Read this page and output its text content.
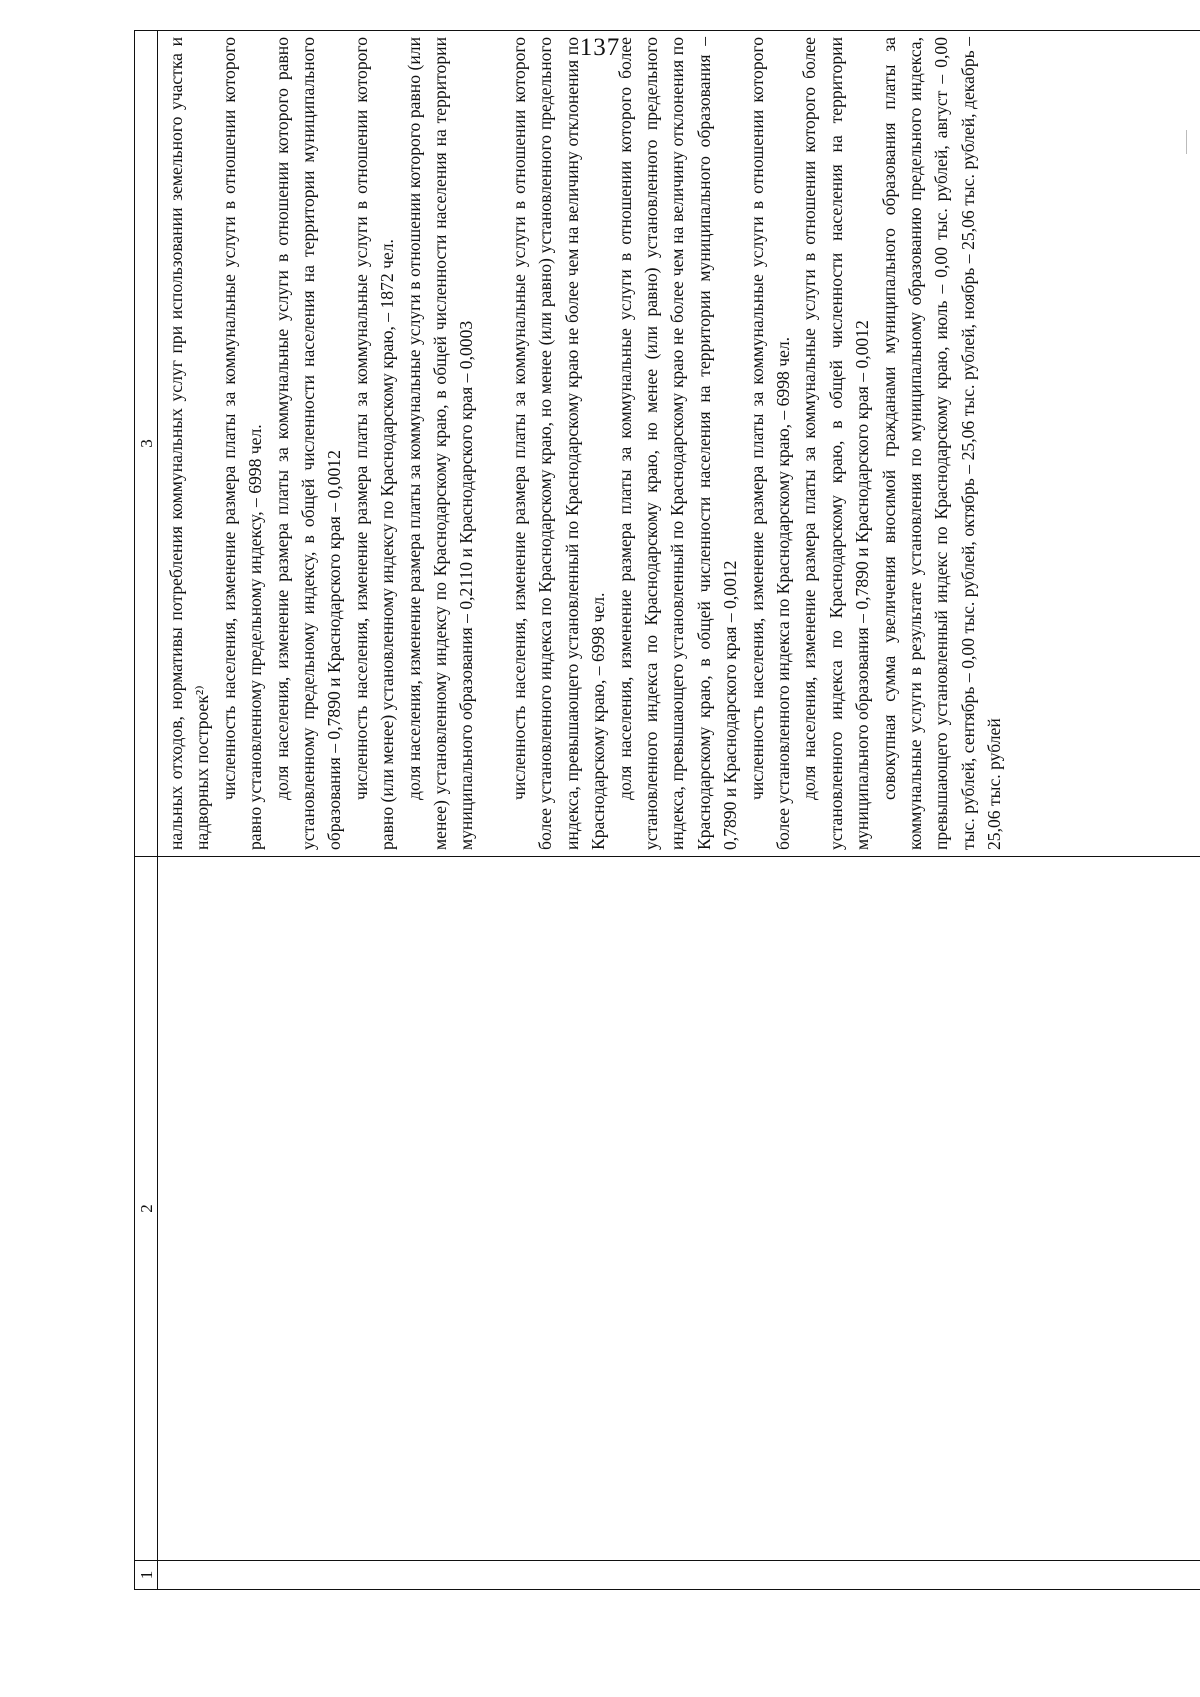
137
1
2
3 нальных отходов, нормативы потребления коммунальных услуг при использовании земельного участка и надворных построек²⁾ численность населения, изменение размера платы за коммунальные услуги в отношении которого равно установленному предельному индексу, – 6998 чел. доля населения, изменение размера платы за коммунальные услуги в отношении которого равно установленному предельному индексу, в общей численности населения на территории муниципального образования – 0,7890 и Краснодарского края – 0,0012 численность населения, изменение размера платы за коммунальные услуги в отношении которого равно (или менее) установленному индексу по Краснодарскому краю, – 1872 чел. доля населения, изменение размера платы за коммунальные услуги в отношении которого равно (или менее) установленному индексу по Краснодарскому краю, в общей численности населения на территории муниципального образования – 0,2110 и Краснодарского края – 0,0003 численность населения, изменение размера платы за коммунальные услуги в отношении которого более установленного индекса по Краснодарскому краю, но менее (или равно) установленного предельного индекса, превышающего установленный по Краснодарскому краю не более чем на величину отклонения по Краснодарскому краю, – 6998 чел. доля населения, изменение размера платы за коммунальные услуги в отношении которого более установленного индекса по Краснодарскому краю, но менее (или равно) установленного предельного индекса, превышающего установленный по Краснодарскому краю не более чем на величину отклонения по Краснодарскому краю, в общей численности населения на территории муниципального образования – 0,7890 и Краснодарского края – 0,0012 численность населения, изменение размера платы за коммунальные услуги в отношении которого более установленного индекса по Краснодарскому краю, – 6998 чел. доля населения, изменение размера платы за коммунальные услуги в отношении которого более установленного индекса по Краснодарскому краю, в общей численности населения на территории муниципального образования – 0,7890 и Краснодарского края – 0,0012 совокупная сумма увеличения вносимой гражданами муниципального образования платы за коммунальные услуги в результате установления по муниципальному образованию предельного индекса, превышающего установленный индекс по Краснодарскому краю, июль – 0,00 тыс. рублей, август – 0,00 тыс. рублей, сентябрь – 0,00 тыс. рублей, октябрь – 25,06 тыс. рублей, ноябрь – 25,06 тыс. рублей, декабрь – 25,06 тыс. рублей
